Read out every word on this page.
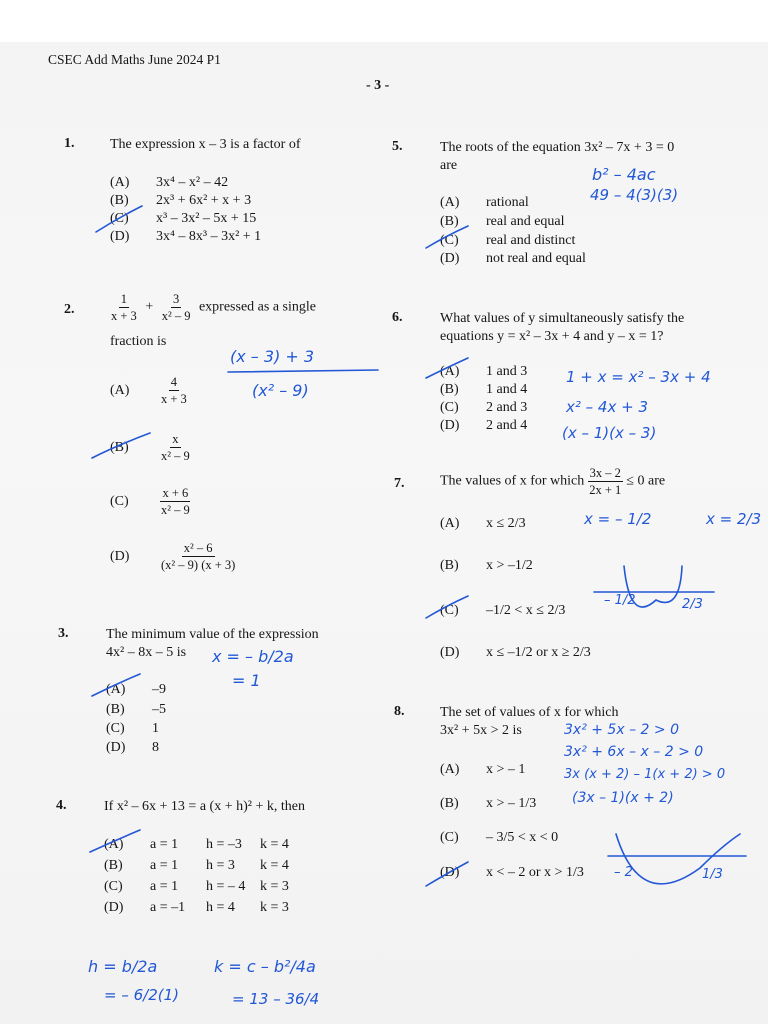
CSEC Add Maths June 2024 P1
- 3 -
1.	The expression x – 3 is a factor of
(A) 3x⁴ – x² – 42
(B) 2x³ + 6x² + x + 3
(C) x³ – 3x² – 5x + 15
(D) 3x⁴ – 8x³ – 3x² + 1
2.	$\frac{1}{x + 3} + \frac{3}{\text{x² – 9}}$ expressed as a single
fraction is
$(A) \frac{4}{x + 3}$
$(B) \frac{x}{\text{x² – 9}}$
$(C) \frac{x + 6}{\text{x² – 9}}$
$(D) \frac{\text{x² – 6}}{\text{(x² – 9) (x + 3)}}$
3.	The minimum value of the expression
4x² – 8x – 5 is
(A) –9
(B) –5
(C) 1
(D) 8
4.	If x² – 6x + 13 = a (x + h)² + k, then
(A) a = 1 h = –3 k = 4
(B) a = 1 h = 3 k = 4
(C) a = 1 h = – 4 k = 3
(D) a = –1 h = 4 k = 3
5.	The roots of the equation 3x² – 7x + 3 = 0
are
(A) rational
(B) real and equal
(C) real and distinct
(D) not real and equal
6.	What values of y simultaneously satisfy the
equations y = x² – 3x + 4 and y – x = 1?
(A) 1 and 3
(B) 1 and 4
(C) 2 and 3
(D) 2 and 4
7.	The values of x for which $\frac{3x - 2}{2x + 1} \le 0$ are
(A) x ≤ 2/3
(B) x > –1/2
(C) –1/2 < x ≤ 2/3
(D) x ≤ –1/2 or x ≥ 2/3
8.	The set of values of x for which
3x² + 5x > 2 is
(A) x > – 1
(B) x > – 1/3
(C) – 3/5 < x < 0
(D) x < – 2 or x > 1/3
(x – 3) + 3
(x² – 9)
x = – b/2a
= 1
h = b/2a
= – 6/2(1)
k = c – b²/4a
= 13 – 36/4
b² – 4ac
49 – 4(3)(3)
1 + x = x² – 3x + 4
x² – 4x + 3
(x – 1)(x – 3)
x = – 1/2	x = 2/3
– 1/2	2/3
3x² + 5x – 2 > 0
3x² + 6x – x – 2 > 0
3x (x + 2) – 1(x + 2) > 0
(3x – 1)(x + 2)
– 2	1/3
